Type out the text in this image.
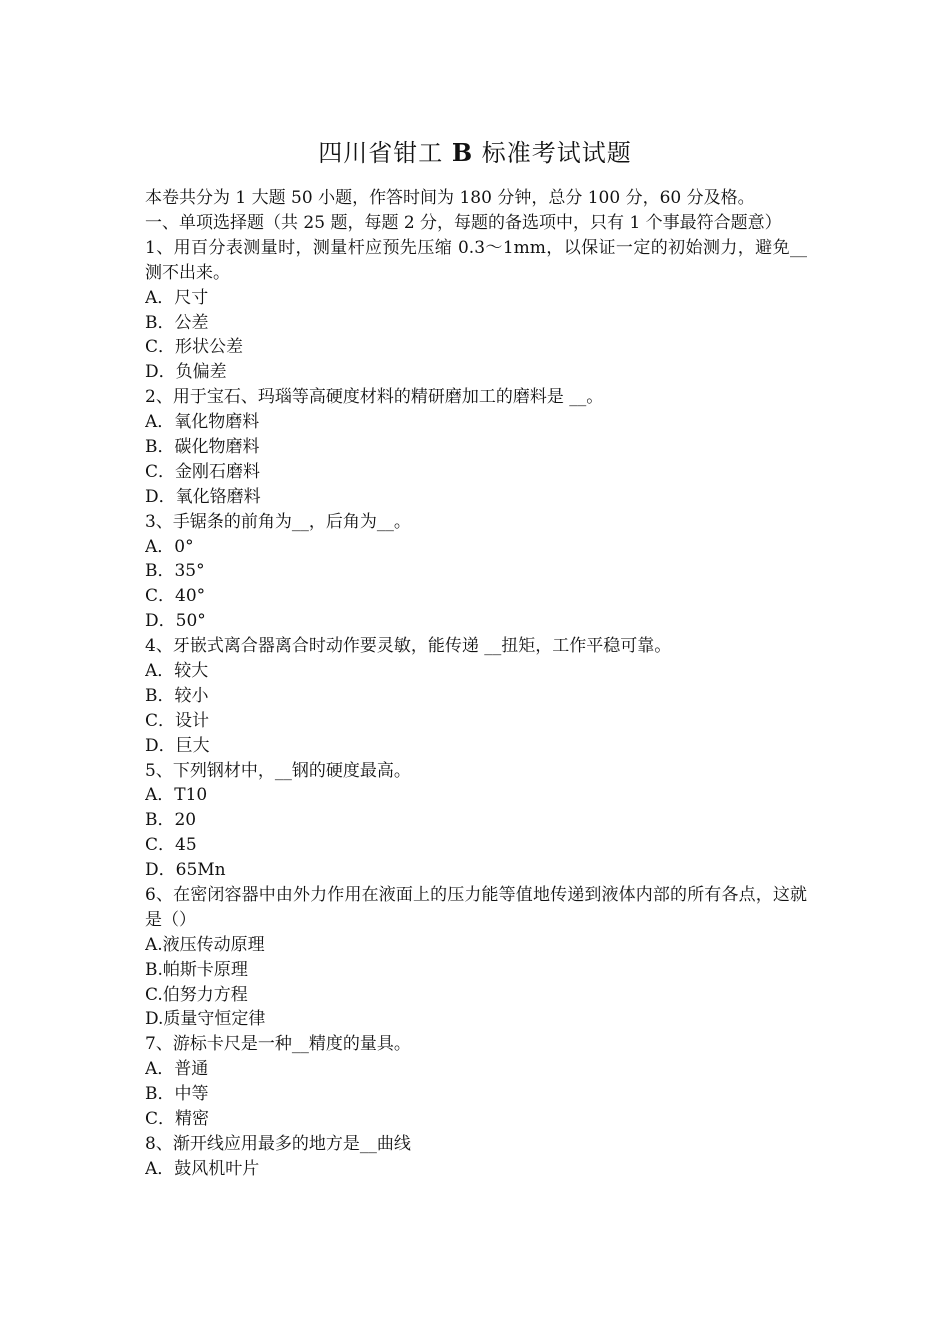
四川省钳工 B 标准考试试题
本卷共分为 1 大题 50 小题，作答时间为 180 分钟，总分 100 分，60 分及格。
一、单项选择题（共 25 题，每题 2 分，每题的备选项中，只有 1 个事最符合题意）
1、用百分表测量时，测量杆应预先压缩 0.3～1mm，以保证一定的初始测力，避免__测不出来。
A．尺寸
B．公差
C．形状公差
D．负偏差
2、用于宝石、玛瑙等高硬度材料的精研磨加工的磨料是 __。
A．氧化物磨料
B．碳化物磨料
C．金刚石磨料
D．氧化铬磨料
3、手锯条的前角为__，后角为__。
A．0°
B．35°
C．40°
D．50°
4、牙嵌式离合器离合时动作要灵敏，能传递 __扭矩，工作平稳可靠。
A．较大
B．较小
C．设计
D．巨大
5、下列钢材中，__钢的硬度最高。
A．T10
B．20
C．45
D．65Mn
6、在密闭容器中由外力作用在液面上的压力能等值地传递到液体内部的所有各点，这就是（）
A.液压传动原理
B.帕斯卡原理
C.伯努力方程
D.质量守恒定律
7、游标卡尺是一种__精度的量具。
A．普通
B．中等
C．精密
8、渐开线应用最多的地方是__曲线
A．鼓风机叶片
